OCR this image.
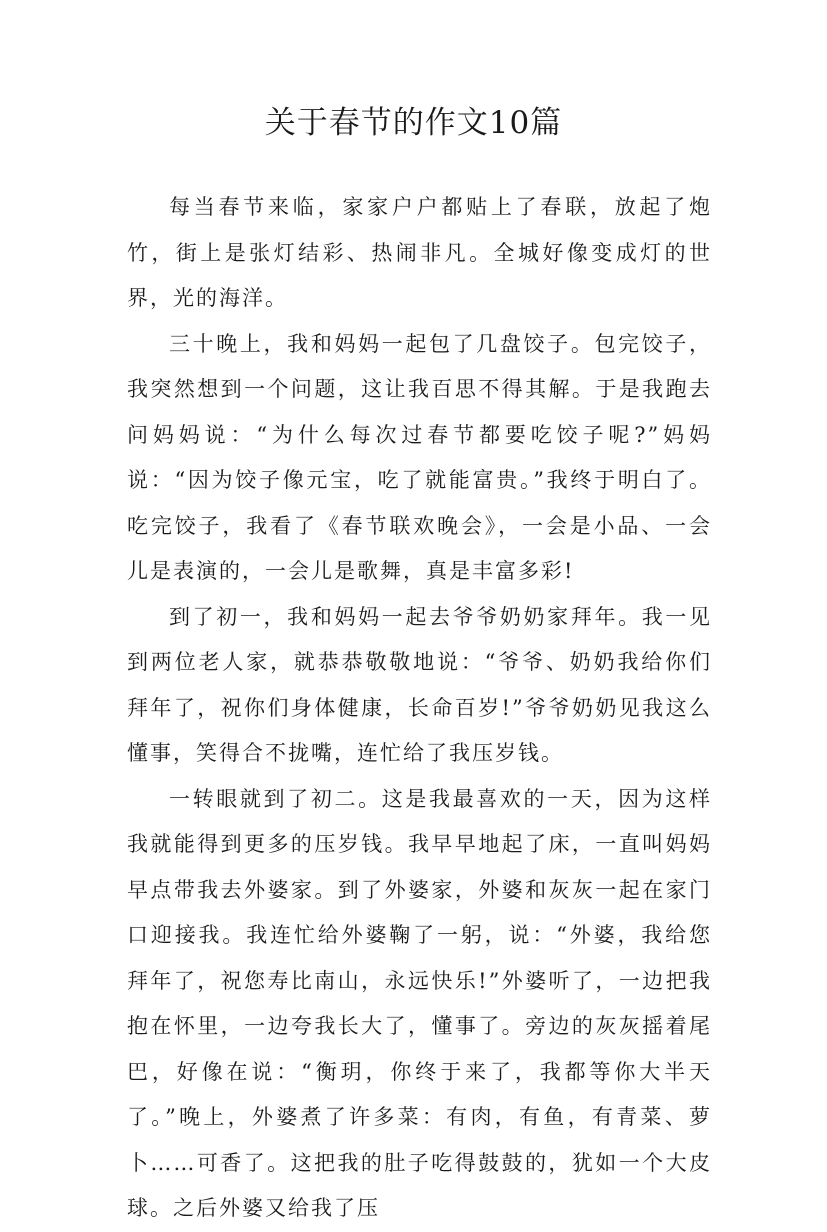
关于春节的作文10篇

每当春节来临，家家户户都贴上了春联，放起了炮竹，街上是张灯结彩、热闹非凡。全城好像变成灯的世界，光的海洋。

三十晚上，我和妈妈一起包了几盘饺子。包完饺子，我突然想到一个问题，这让我百思不得其解。于是我跑去问妈妈说：“为什么每次过春节都要吃饺子呢?”妈妈说：“因为饺子像元宝，吃了就能富贵。”我终于明白了。吃完饺子，我看了《春节联欢晚会》，一会是小品、一会儿是表演的，一会儿是歌舞，真是丰富多彩!

到了初一，我和妈妈一起去爷爷奶奶家拜年。我一见到两位老人家，就恭恭敬敬地说：“爷爷、奶奶我给你们拜年了，祝你们身体健康，长命百岁!”爷爷奶奶见我这么懂事，笑得合不拢嘴，连忙给了我压岁钱。

一转眼就到了初二。这是我最喜欢的一天，因为这样我就能得到更多的压岁钱。我早早地起了床，一直叫妈妈早点带我去外婆家。到了外婆家，外婆和灰灰一起在家门口迎接我。我连忙给外婆鞠了一躬，说：“外婆，我给您拜年了，祝您寿比南山，永远快乐!”外婆听了，一边把我抱在怀里，一边夸我长大了，懂事了。旁边的灰灰摇着尾巴，好像在说：“衡玥，你终于来了，我都等你大半天了。”晚上，外婆煮了许多菜：有肉，有鱼，有青菜、萝卜……可香了。这把我的肚子吃得鼓鼓的，犹如一个大皮球。之后外婆又给我了压
